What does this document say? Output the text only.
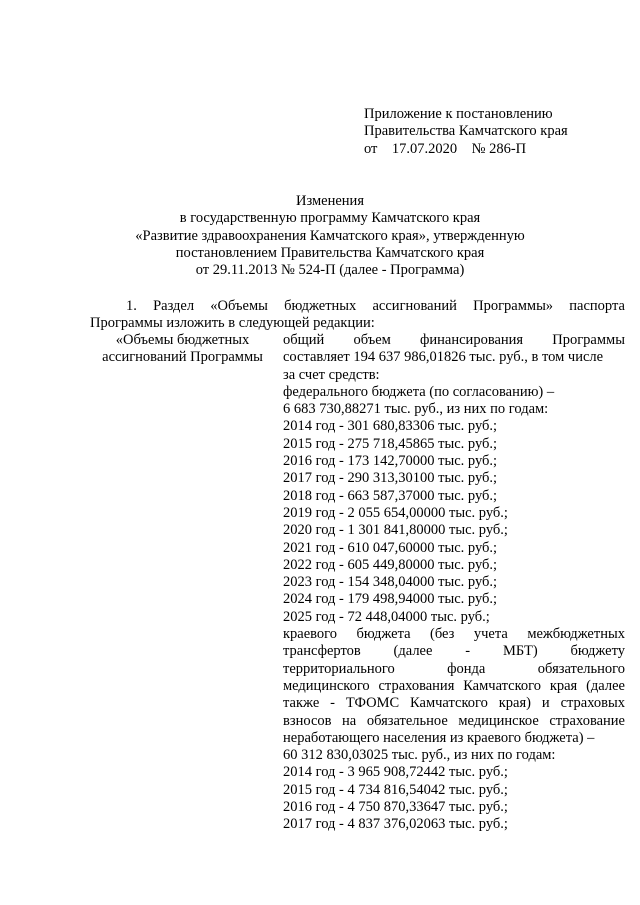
Приложение к постановлению
Правительства Камчатского края
от    17.07.2020    № 286-П
Изменения
в государственную программу Камчатского края
«Развитие здравоохранения Камчатского края», утвержденную
постановлением Правительства Камчатского края
от 29.11.2013 № 524-П (далее - Программа)
1. Раздел «Объемы бюджетных ассигнований Программы» паспорта
Программы изложить в следующей редакции:
«Объемы бюджетных
ассигнований Программы
общий объем финансирования Программы
составляет 194 637 986,01826 тыс. руб., в том числе
за счет средств:
федерального бюджета (по согласованию) –
6 683 730,88271 тыс. руб., из них по годам:
2014 год - 301 680,83306 тыс. руб.;
2015 год - 275 718,45865 тыс. руб.;
2016 год - 173 142,70000 тыс. руб.;
2017 год - 290 313,30100 тыс. руб.;
2018 год - 663 587,37000 тыс. руб.;
2019 год - 2 055 654,00000 тыс. руб.;
2020 год - 1 301 841,80000 тыс. руб.;
2021 год - 610 047,60000 тыс. руб.;
2022 год - 605 449,80000 тыс. руб.;
2023 год - 154 348,04000 тыс. руб.;
2024 год - 179 498,94000 тыс. руб.;
2025 год - 72 448,04000 тыс. руб.;
краевого бюджета (без учета межбюджетных
трансфертов (далее - МБТ) бюджету
территориального	фонда	обязательного
медицинского страхования Камчатского края (далее
также - ТФОМС Камчатского края) и страховых
взносов на обязательное медицинское страхование
неработающего населения из краевого бюджета) –
60 312 830,03025 тыс. руб., из них по годам:
2014 год - 3 965 908,72442 тыс. руб.;
2015 год - 4 734 816,54042 тыс. руб.;
2016 год - 4 750 870,33647 тыс. руб.;
2017 год - 4 837 376,02063 тыс. руб.;
